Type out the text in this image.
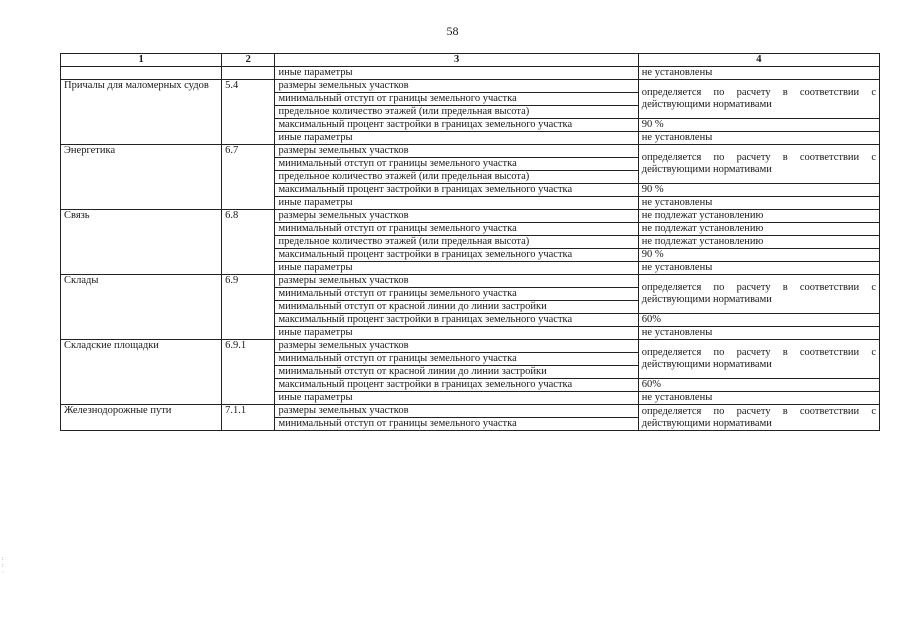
58
1	2	3	4
		иные параметры	не установлены
Причалы для маломерных судов	5.4	размеры земельных участков	определяется по расчету в соответствии с действующими нормативами
		минимальный отступ от границы земельного участка	
		предельное количество этажей (или предельная высота)	
		максимальный процент застройки в границах земельного участка	90 %
		иные параметры	не установлены
Энергетика	6.7	размеры земельных участков	определяется по расчету в соответствии с действующими нормативами
		минимальный отступ от границы земельного участка	
		предельное количество этажей (или предельная высота)	
		максимальный процент застройки в границах земельного участка	90 %
		иные параметры	не установлены
Связь	6.8	размеры земельных участков	не подлежат установлению
		минимальный отступ от границы земельного участка	не подлежат установлению
		предельное количество этажей (или предельная высота)	не подлежат установлению
		максимальный процент застройки в границах земельного участка	90 %
		иные параметры	не установлены
Склады	6.9	размеры земельных участков	определяется по расчету в соответствии с действующими нормативами
		минимальный отступ от границы земельного участка	
		минимальный отступ от красной линии до линии застройки	
		максимальный процент застройки в границах земельного участка	60%
		иные параметры	не установлены
Складские площадки	6.9.1	размеры земельных участков	определяется по расчету в соответствии с действующими нормативами
		минимальный отступ от границы земельного участка	
		минимальный отступ от красной линии до линии застройки	
		максимальный процент застройки в границах земельного участка	60%
		иные параметры	не установлены
Железнодорожные пути	7.1.1	размеры земельных участков	определяется по расчету в соответствии с действующими нормативами
		минимальный отступ от границы земельного участка	
:
:
·
